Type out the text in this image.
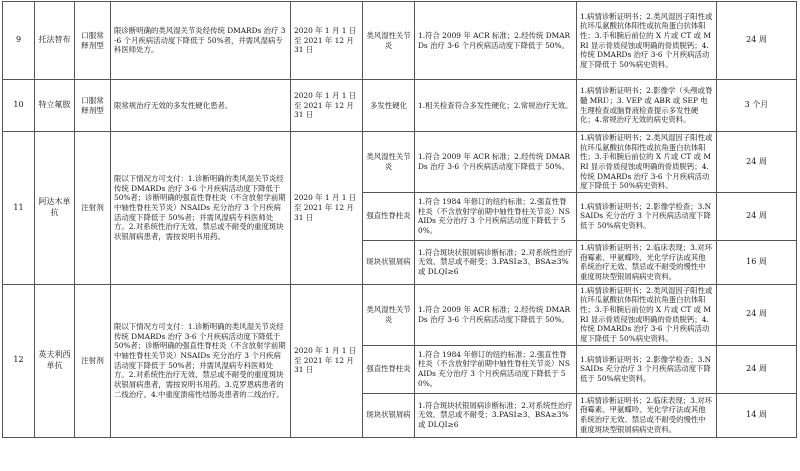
9	托法替布	口服常释剂型	限诊断明确的类风湿关节炎经传统 DMARDs 治疗 3-6 个月疾病活动度下降低于 50%者，并需风湿病专科医师处方。	2020 年 1 月 1 日至 2021 年 12 月 31 日	类风湿性关节炎	1.符合 2009 年 ACR 标准；2.经传统 DMARDs 治疗 3-6 个月疾病活动度下降低于 50%。	1.病情诊断证明书；2.类风湿因子阳性或抗环瓜氨酸抗体阳性或抗角蛋白抗体阳性；3.手和腕后前位的 X 片或 CT 或 MRI 显示骨质侵蚀或明确的骨质脱钙；4.传统 DMARDs 治疗 3-6 个月疾病活动度下降低于 50%病史资料。	24 周
10	特立氟胺	口服常释剂型	限常规治疗无效的多发性硬化患者。	2020 年 1 月 1 日至 2021 年 12 月 31 日	多发性硬化	1.相关检查符合多发性硬化；2.常规治疗无效。	1.病情诊断证明书；2.影像学（头颅或脊髓 MRI）；3. VEP 或 ABR 或 SEP 电生理检查或脑脊液检查提示多发性硬化；4.常规治疗无效的病史资料。	3 个月
11	阿达木单抗	注射剂	限以下情况方可支付：1.诊断明确的类风湿关节炎经传统 DMARDs 治疗 3-6 个月疾病活动度下降低于 50%者；诊断明确的强直性脊柱炎（不含放射学前期中轴性脊柱关节炎）NSAIDs 充分治疗 3 个月疾病活动度下降低于 50%者；并需风湿病专科医师处方。2.对系统性治疗无效、禁忌或不耐受的重度斑块状银屑病患者，需按说明书用药。	2020 年 1 月 1 日至 2021 年 12 月 31 日	类风湿性关节炎	1.符合 2009 年 ACR 标准；2.经传统 DMARDs 治疗 3-6 个月疾病活动度下降低于 50%。	1.病情诊断证明书；2.类风湿因子阳性或抗环瓜氨酸抗体阳性或抗角蛋白抗体阳性；3.手和腕后前位的 X 片或 CT 或 MRI 显示骨质侵蚀或明确的骨质脱钙；4.传统 DMARDs 治疗 3-6 个月疾病活动度下降低于 50%病史资料。	24 周
					强直性脊柱炎	1.符合 1984 年修订的纽约标准；2.强直性脊柱炎（不含放射学前期中轴性脊柱关节炎）NSAIDs 充分治疗 3 个月疾病活动度下降低于 50%。	1.病情诊断证明书；2.影像学检查；3.NSAIDs 充分治疗 3 个月疾病活动度下降低于 50%病史资料。	24 周
					斑块状银屑病	1.符合斑块状银屑病诊断标准；2.对系统性治疗无效、禁忌或不耐受；3.PASI≥3、BSA≥3%或 DLQI≥6	1.病情诊断证明书；2.临床表现；3.对环孢霉素、甲氨蝶呤、光化学疗法或其他系统治疗无效、禁忌或不耐受的慢性中重度斑块型银屑病病史资料。	16 周
12	英夫利西单抗	注射剂	限以下情况方可支付：1.诊断明确的类风湿关节炎经传统 DMARDs 治疗 3-6 个月疾病活动度下降低于 50%者；诊断明确的强直性脊柱炎（不含放射学前期中轴性脊柱关节炎）NSAIDs 充分治疗 3 个月疾病活动度下降低于 50%者；并需风湿病专科医师处方。2.对系统性治疗无效、禁忌或不耐受的重度斑块状银屑病患者，需按说明书用药。3.克罗恩病患者的二线治疗。4.中重度溃疡性结肠炎患者的二线治疗。	2020 年 1 月 1 日至 2021 年 12 月 31 日	类风湿性关节炎	1.符合 2009 年 ACR 标准；2.经传统 DMARDs 治疗 3-6 个月疾病活动度下降低于 50%。	1.病情诊断证明书；2.类风湿因子阳性或抗环瓜氨酸抗体阳性或抗角蛋白抗体阳性；3.手和腕后前位的 X 片或 CT 或 MRI 显示骨质侵蚀或明确的骨质脱钙；4.传统 DMARDs 治疗 3-6 个月疾病活动度下降低于 50%病史资料。	24 周
					强直性脊柱炎	1.符合 1984 年修订的纽约标准；2.强直性脊柱炎（不含放射学前期中轴性脊柱关节炎）NSAIDs 充分治疗 3 个月疾病活动度下降低于 50%。	1.病情诊断证明书；2.影像学检查；3.NSAIDs 充分治疗 3 个月疾病活动度下降低于 50%病史资料。	24 周
					斑块状银屑病	1.符合斑块状银屑病诊断标准；2.对系统性治疗无效、禁忌或不耐受；3.PASI≥3、BSA≥3%或 DLQI≥6	1.病情诊断证明书；2.临床表现；3.对环孢霉素、甲氨蝶呤、光化学疗法或其他系统治疗无效、禁忌或不耐受的慢性中重度斑块型银屑病病史资料。	14 周
